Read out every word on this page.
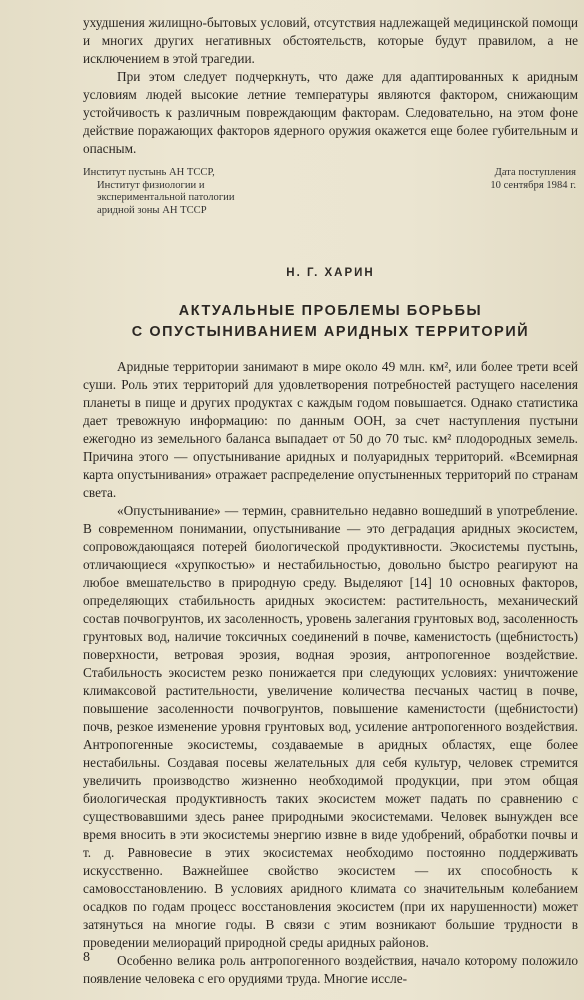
ухудшения жилищно-бытовых условий, отсутствия надлежащей медицинской помощи и многих других негативных обстоятельств, которые будут правилом, а не исключением в этой трагедии.

При этом следует подчеркнуть, что даже для адаптированных к аридным условиям людей высокие летние температуры являются фактором, снижающим устойчивость к различным повреждающим факторам. Следовательно, на этом фоне действие поражающих факторов ядерного оружия окажется еще более губительным и опасным.

Институт пустынь АН ТССР,
Институт физиологии и
экспериментальной патологии
аридной зоны АН ТССР
Дата поступления
10 сентября 1984 г.
Н. Г. ХАРИН
АКТУАЛЬНЫЕ ПРОБЛЕМЫ БОРЬБЫ
С ОПУСТЫНИВАНИЕМ АРИДНЫХ ТЕРРИТОРИЙ

Аридные территории занимают в мире около 49 млн. км², или более трети всей суши. Роль этих территорий для удовлетворения потребностей растущего населения планеты в пище и других продуктах с каждым годом повышается. Однако статистика дает тревожную информацию: по данным ООН, за счет наступления пустыни ежегодно из земельного баланса выпадает от 50 до 70 тыс. км² плодородных земель. Причина этого — опустынивание аридных и полуаридных территорий. «Всемирная карта опустынивания» отражает распределение опустыненных территорий по странам света.

«Опустынивание» — термин, сравнительно недавно вошедший в употребление. В современном понимании, опустынивание — это деградация аридных экосистем, сопровождающаяся потерей биологической продуктивности. Экосистемы пустынь, отличающиеся «хрупкостью» и нестабильностью, довольно быстро реагируют на любое вмешательство в природную среду. Выделяют [14] 10 основных факторов, определяющих стабильность аридных экосистем: растительность, механический состав почвогрунтов, их засоленность, уровень залегания грунтовых вод, засоленность грунтовых вод, наличие токсичных соединений в почве, каменистость (щебнистость) поверхности, ветровая эрозия, водная эрозия, антропогенное воздействие. Стабильность экосистем резко понижается при следующих условиях: уничтожение климаксовой растительности, увеличение количества песчаных частиц в почве, повышение засоленности почвогрунтов, повышение каменистости (щебнистости) почв, резкое изменение уровня грунтовых вод, усиление антропогенного воздействия. Антропогенные экосистемы, создаваемые в аридных областях, еще более нестабильны. Создавая посевы желательных для себя культур, человек стремится увеличить производство жизненно необходимой продукции, при этом общая биологическая продуктивность таких экосистем может падать по сравнению с существовавшими здесь ранее природными экосистемами. Человек вынужден все время вносить в эти экосистемы энергию извне в виде удобрений, обработки почвы и т. д. Равновесие в этих экосистемах необходимо постоянно поддерживать искусственно. Важнейшее свойство экосистем — их способность к самовосстановлению. В условиях аридного климата со значительным колебанием осадков по годам процесс восстановления экосистем (при их нарушенности) может затянуться на многие годы. В связи с этим возникают большие трудности в проведении мелиораций природной среды аридных районов.

Особенно велика роль антропогенного воздействия, начало которому положило появление человека с его орудиями труда. Многие иссле-

8
